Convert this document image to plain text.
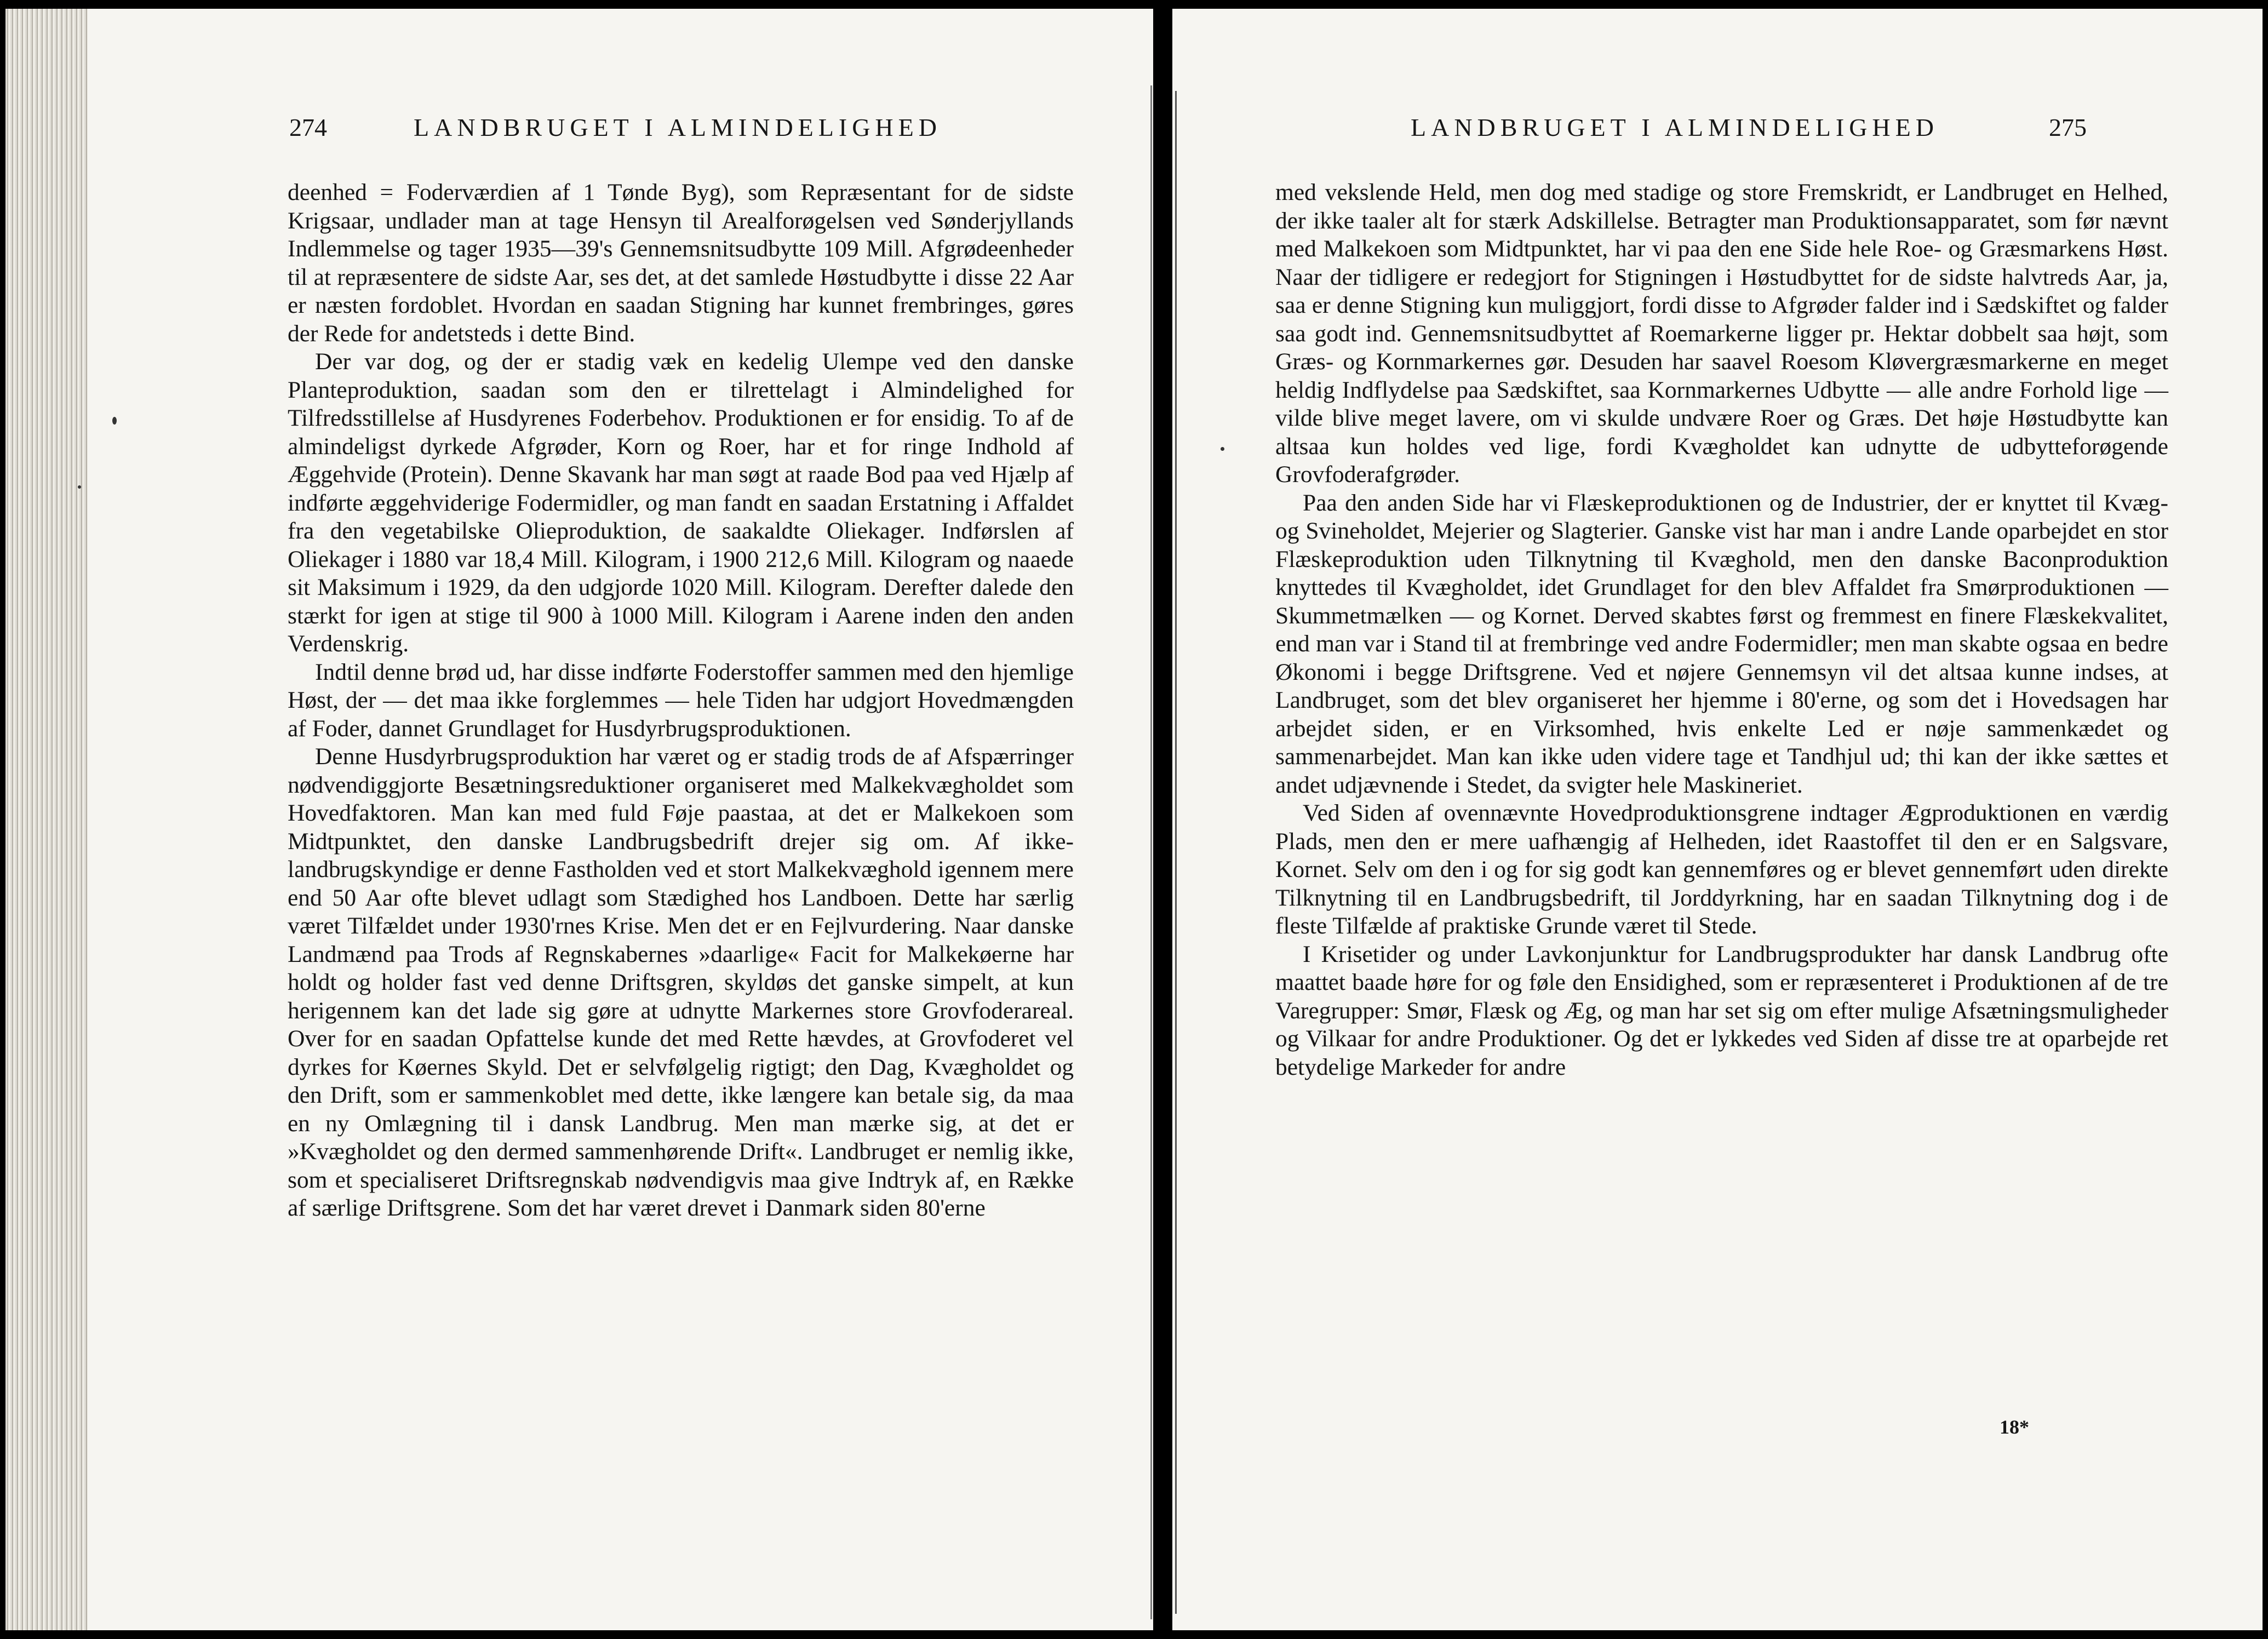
274	LANDBRUGET I ALMINDELIGHED

deenhed = Foderværdien af 1 Tønde Byg), som Repræsentant for de sidste Krigsaar, undlader man at tage Hensyn til Arealforøgelsen ved Sønderjyllands Indlemmelse og tager 1935—39's Gennemsnitsudbytte 109 Mill. Afgrødeenheder til at repræsentere de sidste Aar, ses det, at det samlede Høstudbytte i disse 22 Aar er næsten fordoblet. Hvordan en saadan Stigning har kunnet frembringes, gøres der Rede for andetsteds i dette Bind.

Der var dog, og der er stadig væk en kedelig Ulempe ved den danske Planteproduktion, saadan som den er tilrettelagt i Almindelighed for Tilfredsstillelse af Husdyrenes Foderbehov. Produktionen er for ensidig. To af de almindeligst dyrkede Afgrøder, Korn og Roer, har et for ringe Indhold af Æggehvide (Protein). Denne Skavank har man søgt at raade Bod paa ved Hjælp af indførte æggehviderige Fodermidler, og man fandt en saadan Erstatning i Affaldet fra den vegetabilske Olieproduktion, de saakaldte Oliekager. Indførslen af Oliekager i 1880 var 18,4 Mill. Kilogram, i 1900 212,6 Mill. Kilogram og naaede sit Maksimum i 1929, da den udgjorde 1020 Mill. Kilogram. Derefter dalede den stærkt for igen at stige til 900 à 1000 Mill. Kilogram i Aarene inden den anden Verdenskrig.

Indtil denne brød ud, har disse indførte Foderstoffer sammen med den hjemlige Høst, der — det maa ikke forglemmes — hele Tiden har udgjort Hovedmængden af Foder, dannet Grundlaget for Husdyrbrugsproduktionen.

Denne Husdyrbrugsproduktion har været og er stadig trods de af Afspærringer nødvendiggjorte Besætningsreduktioner organiseret med Malkekvægholdet som Hovedfaktoren. Man kan med fuld Føje paastaa, at det er Malkekoen som Midtpunktet, den danske Landbrugsbedrift drejer sig om. Af ikke-landbrugskyndige er denne Fastholden ved et stort Malkekvæghold igennem mere end 50 Aar ofte blevet udlagt som Stædighed hos Landboen. Dette har særlig været Tilfældet under 1930'rnes Krise. Men det er en Fejlvurdering. Naar danske Landmænd paa Trods af Regnskabernes »daarlige« Facit for Malkekøerne har holdt og holder fast ved denne Driftsgren, skyldøs det ganske simpelt, at kun herigennem kan det lade sig gøre at udnytte Markernes store Grovfoderareal. Over for en saadan Opfattelse kunde det med Rette hævdes, at Grovfoderet vel dyrkes for Køernes Skyld. Det er selvfølgelig rigtigt; den Dag, Kvægholdet og den Drift, som er sammenkoblet med dette, ikke længere kan betale sig, da maa en ny Omlægning til i dansk Landbrug. Men man mærke sig, at det er »Kvægholdet og den dermed sammenhørende Drift«. Landbruget er nemlig ikke, som et specialiseret Driftsregnskab nødvendigvis maa give Indtryk af, en Række af særlige Driftsgrene. Som det har været drevet i Danmark siden 80'erne

LANDBRUGET I ALMINDELIGHED	275

med vekslende Held, men dog med stadige og store Fremskridt, er Landbruget en Helhed, der ikke taaler alt for stærk Adskillelse. Betragter man Produktionsapparatet, som før nævnt med Malkekoen som Midtpunktet, har vi paa den ene Side hele Roe- og Græsmarkens Høst. Naar der tidligere er redegjort for Stigningen i Høstudbyttet for de sidste halvtreds Aar, ja, saa er denne Stigning kun muliggjort, fordi disse to Afgrøder falder ind i Sædskiftet og falder saa godt ind. Gennemsnitsudbyttet af Roemarkerne ligger pr. Hektar dobbelt saa højt, som Græs- og Kornmarkernes gør. Desuden har saavel Roesom Kløvergræsmarkerne en meget heldig Indflydelse paa Sædskiftet, saa Kornmarkernes Udbytte — alle andre Forhold lige — vilde blive meget lavere, om vi skulde undvære Roer og Græs. Det høje Høstudbytte kan altsaa kun holdes ved lige, fordi Kvægholdet kan udnytte de udbytteforøgende Grovfoderafgrøder.

Paa den anden Side har vi Flæskeproduktionen og de Industrier, der er knyttet til Kvæg- og Svineholdet, Mejerier og Slagterier. Ganske vist har man i andre Lande oparbejdet en stor Flæskeproduktion uden Tilknytning til Kvæghold, men den danske Baconproduktion knyttedes til Kvægholdet, idet Grundlaget for den blev Affaldet fra Smørproduktionen — Skummetmælken — og Kornet. Derved skabtes først og fremmest en finere Flæskekvalitet, end man var i Stand til at frembringe ved andre Fodermidler; men man skabte ogsaa en bedre Økonomi i begge Driftsgrene. Ved et nøjere Gennemsyn vil det altsaa kunne indses, at Landbruget, som det blev organiseret her hjemme i 80'erne, og som det i Hovedsagen har arbejdet siden, er en Virksomhed, hvis enkelte Led er nøje sammenkædet og sammenarbejdet. Man kan ikke uden videre tage et Tandhjul ud; thi kan der ikke sættes et andet udjævnende i Stedet, da svigter hele Maskineriet.

Ved Siden af ovennævnte Hovedproduktionsgrene indtager Ægproduktionen en værdig Plads, men den er mere uafhængig af Helheden, idet Raastoffet til den er en Salgsvare, Kornet. Selv om den i og for sig godt kan gennemføres og er blevet gennemført uden direkte Tilknytning til en Landbrugsbedrift, til Jorddyrkning, har en saadan Tilknytning dog i de fleste Tilfælde af praktiske Grunde været til Stede.

I Krisetider og under Lavkonjunktur for Landbrugsprodukter har dansk Landbrug ofte maattet baade høre for og føle den Ensidighed, som er repræsenteret i Produktionen af de tre Varegrupper: Smør, Flæsk og Æg, og man har set sig om efter mulige Afsætningsmuligheder og Vilkaar for andre Produktioner. Og det er lykkedes ved Siden af disse tre at oparbejde ret betydelige Markeder for andre

18*
